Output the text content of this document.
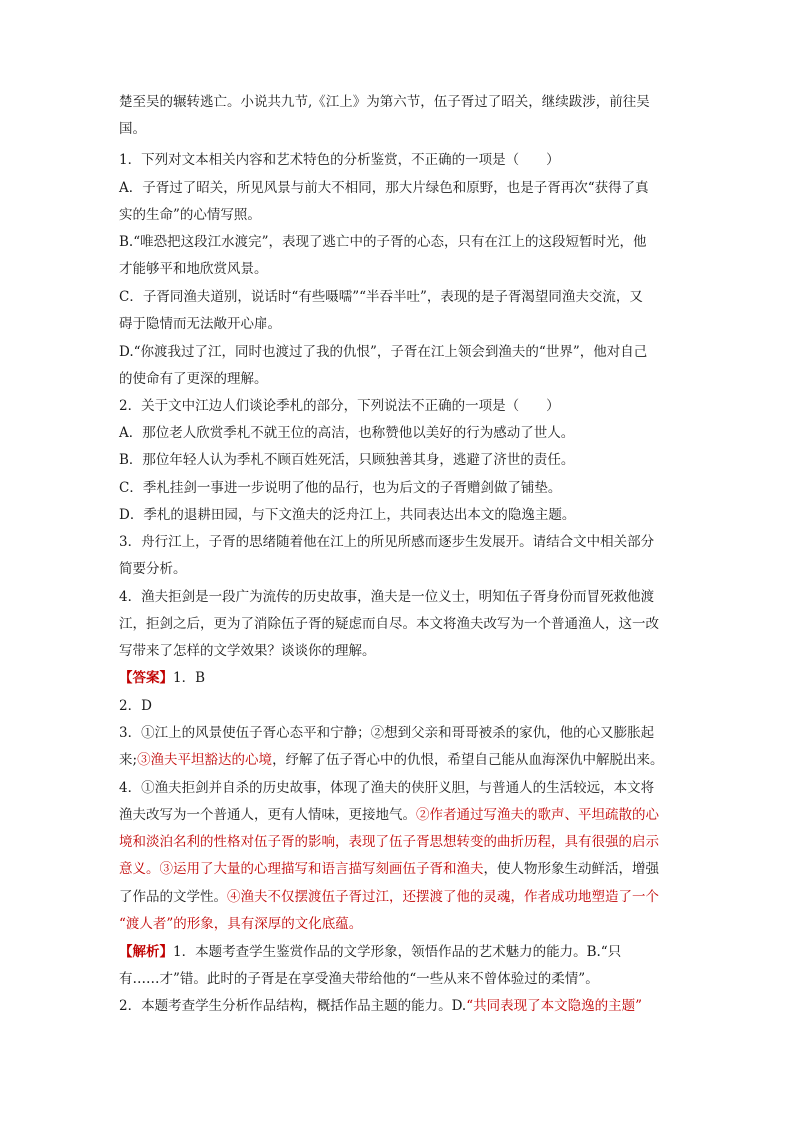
楚至吴的辗转逃亡。小说共九节,《江上》为第六节，伍子胥过了昭关，继续跋涉，前往吴
国。
1．下列对文本相关内容和艺术特色的分析鉴赏，不正确的一项是（　　）
A．子胥过了昭关，所见风景与前大不相同，那大片绿色和原野，也是子胥再次“获得了真
实的生命”的心情写照。
B.“唯恐把这段江水渡完”，表现了逃亡中的子胥的心态，只有在江上的这段短暂时光，他
才能够平和地欣赏风景。
C．子胥同渔夫道别，说话时“有些嗫嚅”“半吞半吐”，表现的是子胥渴望同渔夫交流，又
碍于隐情而无法敞开心扉。
D.“你渡我过了江，同时也渡过了我的仇恨”，子胥在江上领会到渔夫的“世界”，他对自己
的使命有了更深的理解。
2．关于文中江边人们谈论季札的部分，下列说法不正确的一项是（　　）
A．那位老人欣赏季札不就王位的高洁，也称赞他以美好的行为感动了世人。
B．那位年轻人认为季札不顾百姓死活，只顾独善其身，逃避了济世的责任。
C．季札挂剑一事进一步说明了他的品行，也为后文的子胥赠剑做了铺垫。
D．季札的退耕田园，与下文渔夫的泛舟江上，共同表达出本文的隐逸主题。
3．舟行江上，子胥的思绪随着他在江上的所见所感而逐步生发展开。请结合文中相关部分
简要分析。
4．渔夫拒剑是一段广为流传的历史故事，渔夫是一位义士，明知伍子胥身份而冒死救他渡
江，拒剑之后，更为了消除伍子胥的疑虑而自尽。本文将渔夫改写为一个普通渔人，这一改
写带来了怎样的文学效果？谈谈你的理解。
【答案】1．B
2．D
3．①江上的风景使伍子胥心态平和宁静；②想到父亲和哥哥被杀的家仇，他的心又膨胀起
来;③渔夫平坦豁达的心境，纾解了伍子胥心中的仇恨，希望自己能从血海深仇中解脱出来。
4．①渔夫拒剑并自杀的历史故事，体现了渔夫的侠肝义胆，与普通人的生活较远，本文将
渔夫改写为一个普通人，更有人情味，更接地气。②作者通过写渔夫的歌声、平坦疏散的心
境和淡泊名利的性格对伍子胥的影响，表现了伍子胥思想转变的曲折历程，具有很强的启示
意义。③运用了大量的心理描写和语言描写刻画伍子胥和渔夫，使人物形象生动鲜活，增强
了作品的文学性。④渔夫不仅摆渡伍子胥过江，还摆渡了他的灵魂，作者成功地塑造了一个
“渡人者”的形象，具有深厚的文化底蕴。
【解析】1．本题考查学生鉴赏作品的文学形象，领悟作品的艺术魅力的能力。B.“只
有……才”错。此时的子胥是在享受渔夫带给他的“一些从来不曾体验过的柔情”。
2．本题考查学生分析作品结构，概括作品主题的能力。D.“共同表现了本文隐逸的主题”
